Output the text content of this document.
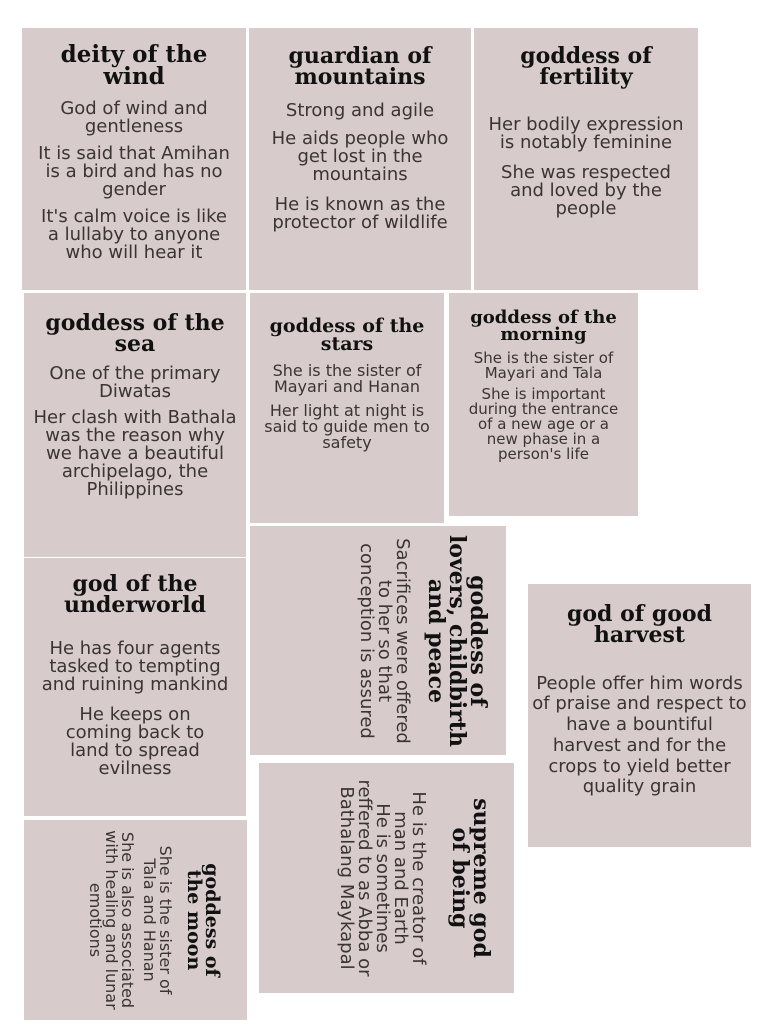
deity of the wind

God of wind and gentleness

It is said that Amihan is a bird and has no gender

It's calm voice is like a lullaby to anyone who will hear it

guardian of mountains

Strong and agile

He aids people who get lost in the mountains

He is known as the protector of wildlife

goddess of fertility

Her bodily expression is notably feminine

She was respected and loved by the people

goddess of the sea

One of the primary Diwatas

Her clash with Bathala was the reason why we have a beautiful archipelago, the Philippines

goddess of the stars

She is the sister of Mayari and Hanan

Her light at night is said to guide men to safety

goddess of the morning

She is the sister of Mayari and Tala

She is important during the entrance of a new age or a new phase in a person's life

god of the underworld

He has four agents tasked to tempting and ruining mankind

He keeps on coming back to land to spread evilness

goddess of lovers, childbirth and peace

Sacrifices were offered to her so that conception is assured	god of good harvest

People offer him words of praise and respect to have a bountiful harvest and for the crops to yield better quality grain

supreme god of being

He is the creator of man and Earth

He is sometimes reffered to as Abba or Bathalang Maykapal

goddess of the moon

She is the sister of Tala and Hanan

She is also associated with healing and lunar emotions
